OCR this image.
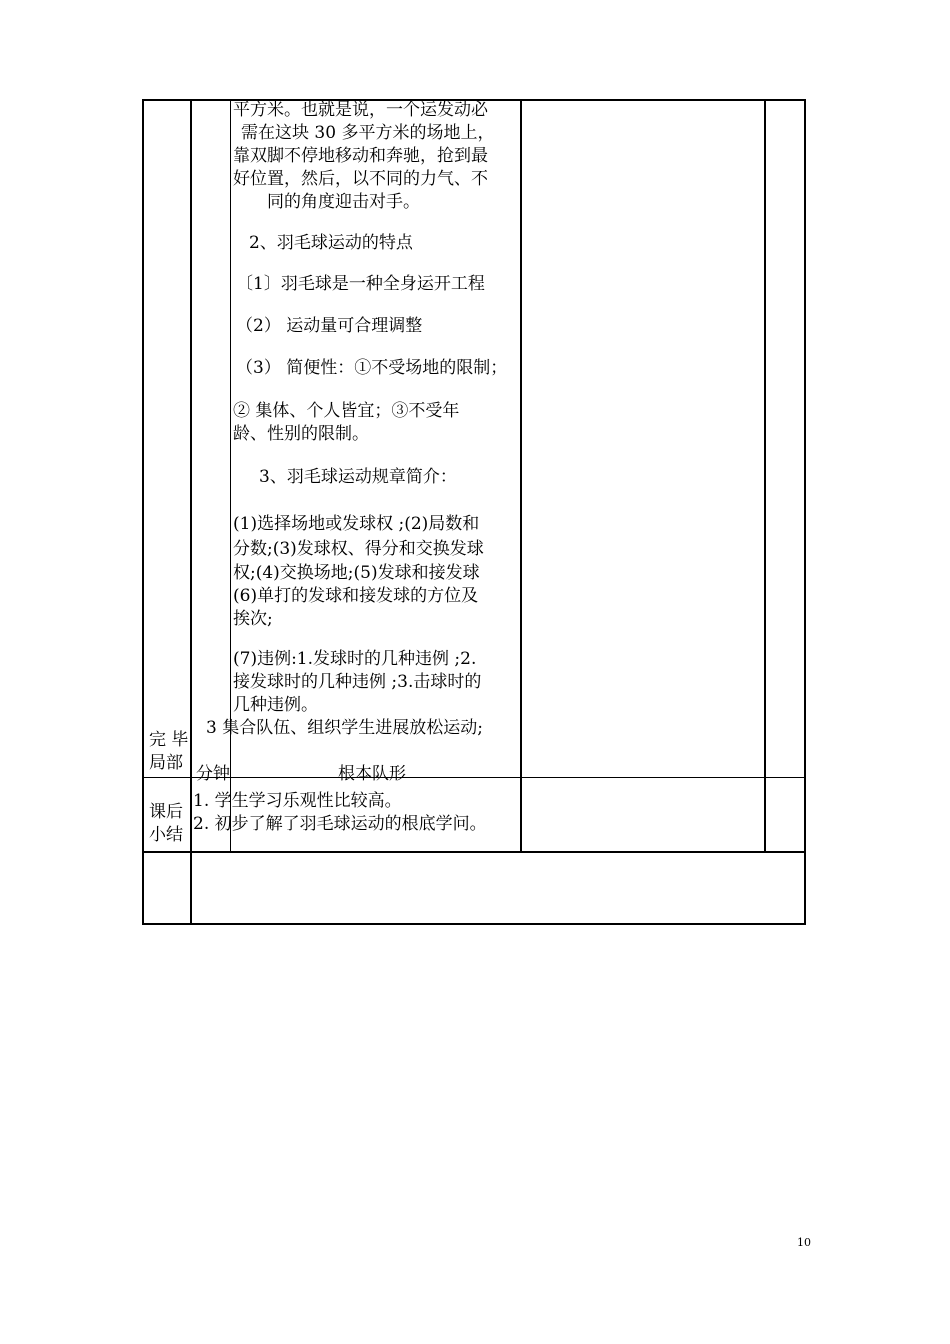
平方米。也就是说，一个运发动必
需在这块 30 多平方米的场地上，
靠双脚不停地移动和奔驰，抢到最
好位置，然后，以不同的力气、不
同的角度迎击对手。
2、羽毛球运动的特点
〔1〕羽毛球是一种全身运开工程
（2） 运动量可合理调整
（3） 简便性：①不受场地的限制；
② 集体、个人皆宜；③不受年
龄、性别的限制。
3、羽毛球运动规章简介：
(1)选择场地或发球权 ;(2)局数和
分数;(3)发球权、得分和交换发球
权;(4)交换场地;(5)发球和接发球
(6)单打的发球和接发球的方位及
挨次;
(7)违例:1.发球时的几种违例 ;2.
接发球时的几种违例 ;3.击球时的
几种违例。
3 集合队伍、组织学生进展放松运动;
完 毕
局部
分钟	根本队形
课后
小结
1. 学生学习乐观性比较高。
2. 初步了解了羽毛球运动的根底学问。
10
